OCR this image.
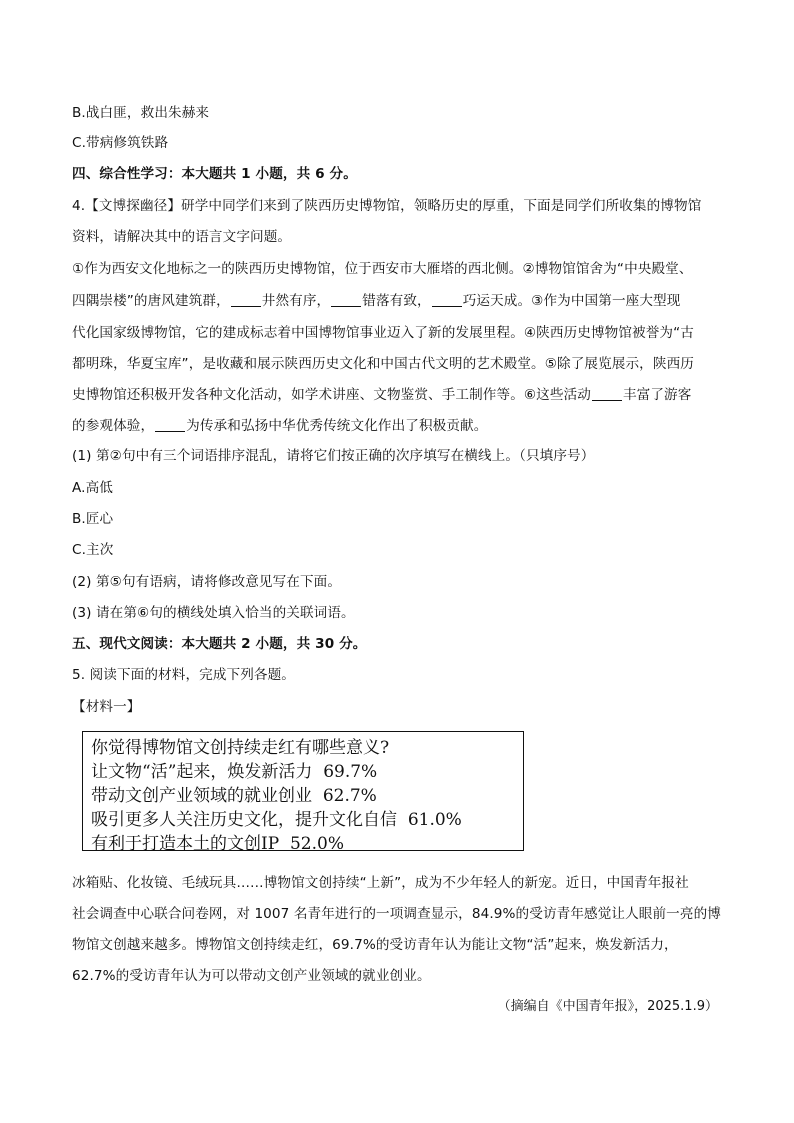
B.战白匪，救出朱赫来
C.带病修筑铁路
四、综合性学习：本大题共 1 小题，共 6 分。
4.【文博探幽径】研学中同学们来到了陕西历史博物馆，领略历史的厚重，下面是同学们所收集的博物馆
资料，请解决其中的语言文字问题。
①作为西安文化地标之一的陕西历史博物馆，位于西安市大雁塔的西北侧。②博物馆馆舍为“中央殿堂、
四隅崇楼”的唐风建筑群， 井然有序， 错落有致， 巧运天成。③作为中国第一座大型现
代化国家级博物馆，它的建成标志着中国博物馆事业迈入了新的发展里程。④陕西历史博物馆被誉为“古
都明珠，华夏宝库”，是收藏和展示陕西历史文化和中国古代文明的艺术殿堂。⑤除了展览展示，陕西历
史博物馆还积极开发各种文化活动，如学术讲座、文物鉴赏、手工制作等。⑥这些活动 丰富了游客
的参观体验， 为传承和弘扬中华优秀传统文化作出了积极贡献。
(1) 第②句中有三个词语排序混乱，请将它们按正确的次序填写在横线上。（只填序号）
A.高低
B.匠心
C.主次
(2) 第⑤句有语病，请将修改意见写在下面。
(3) 请在第⑥句的横线处填入恰当的关联词语。
五、现代文阅读：本大题共 2 小题，共 30 分。
5. 阅读下面的材料，完成下列各题。
【材料一】
你觉得博物馆文创持续走红有哪些意义?
让文物“活”起来，焕发新活力 69.7%
带动文创产业领域的就业创业 62.7%
吸引更多人关注历史文化，提升文化自信 61.0%
有利于打造本土的文创IP 52.0%
冰箱贴、化妆镜、毛绒玩具……博物馆文创持续“上新”，成为不少年轻人的新宠。近日，中国青年报社
社会调查中心联合问卷网，对 1007 名青年进行的一项调查显示，84.9%的受访青年感觉让人眼前一亮的博
物馆文创越来越多。博物馆文创持续走红，69.7%的受访青年认为能让文物“活”起来，焕发新活力，
62.7%的受访青年认为可以带动文创产业领域的就业创业。
（摘编自《中国青年报》，2025.1.9）
